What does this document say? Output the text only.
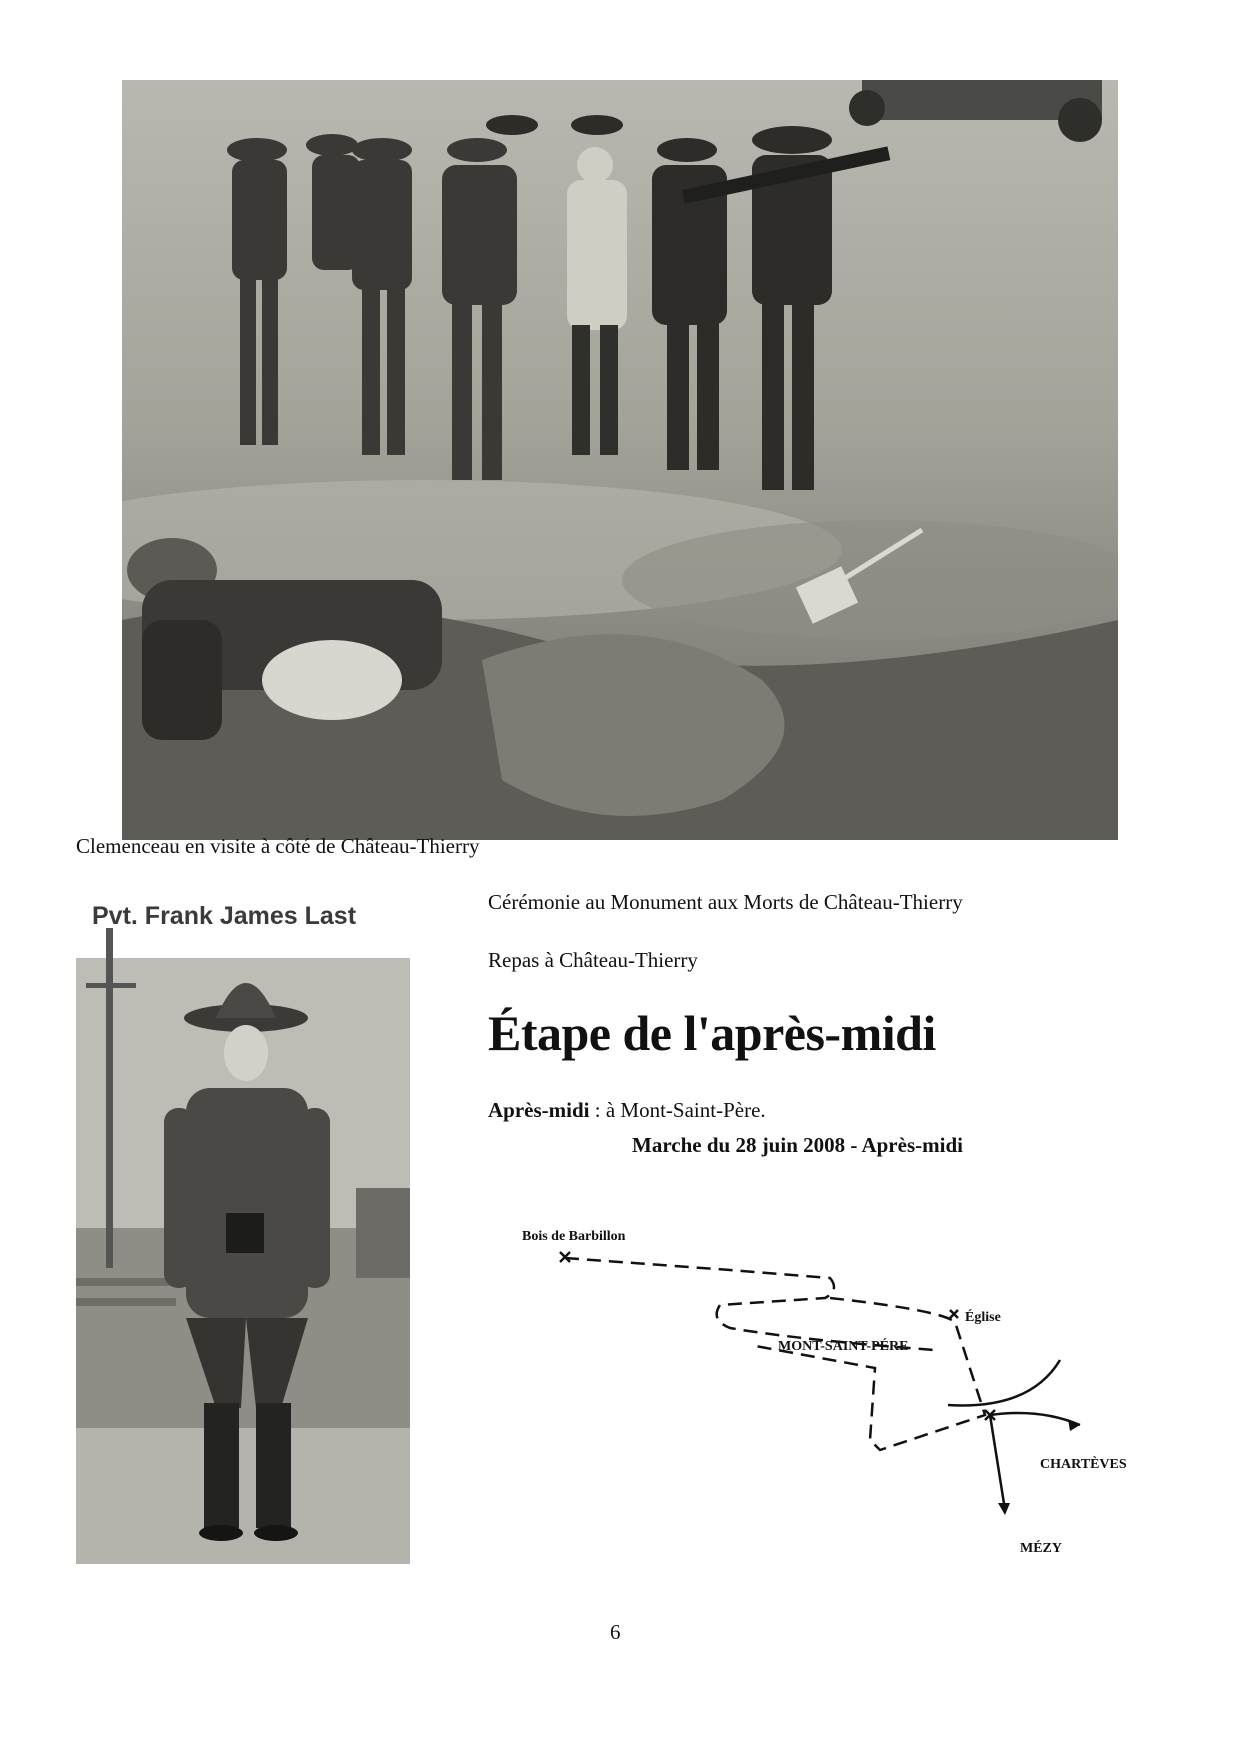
Clemenceau en visite à côté de Château-Thierry
Pvt. Frank James Last	Cérémonie au Monument aux Morts de Château-Thierry
Repas à Château-Thierry
Étape de l'après-midi
Après-midi : à Mont-Saint-Père.
Marche du 28 juin 2008 - Après-midi
Bois de Barbillon
Église
MONT-SAINT-PÉRE
CHARTÈVES
MÉZY
6
